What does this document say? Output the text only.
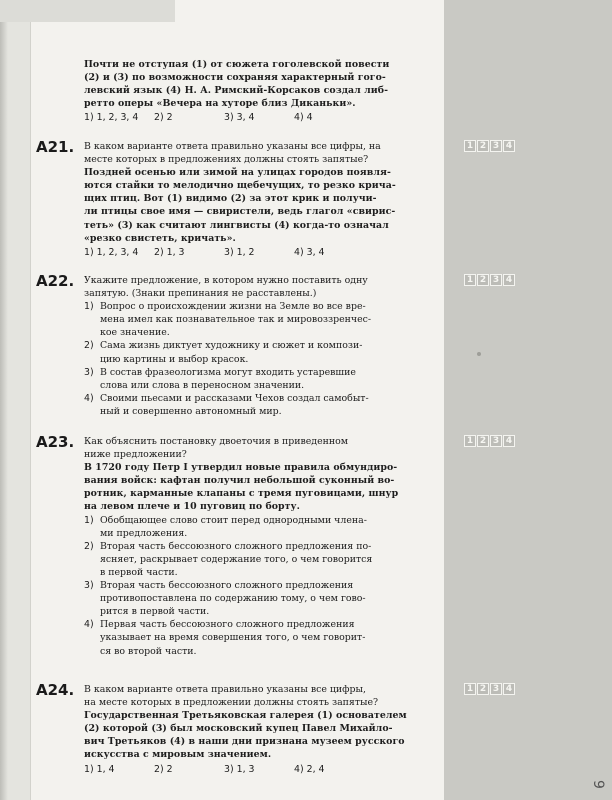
Почти не отступая (1) от сюжета гоголевской повести

(2) и (3) по возможности сохраняя характерный гого-

левский язык (4) Н. А. Римский-Корсаков создал либ-

ретто оперы «Вечера на хуторе близ Диканьки».

1) 1, 2, 3, 4	2) 2	3) 3, 4	4) 4
А21.	1 2 3 4

В каком варианте ответа правильно указаны все цифры, на

месте которых в предложениях должны стоять запятые?

Поздней осенью или зимой на улицах городов появля-

ются стайки то мелодично щебечущих, то резко крича-

щих птиц. Вот (1) видимо (2) за этот крик и получи-

ли птицы свое имя — свиристели, ведь глагол «свирис-

теть» (3) как считают лингвисты (4) когда-то означал

«резко свистеть, кричать».

1) 1, 2, 3, 4	2) 1, 3	3) 1, 2	4) 3, 4
А22.	1 2 3 4

Укажите предложение, в котором нужно поставить одну

запятую. (Знаки препинания не расставлены.)

1) Вопрос о происхождении жизни на Земле во все вре-

мена имел как познавательное так и мировоззренчес-

кое значение.

2) Сама жизнь диктует художнику и сюжет и компози-

цию картины и выбор красок.

3) В состав фразеологизма могут входить устаревшие

слова или слова в переносном значении.

4) Своими пьесами и рассказами Чехов создал самобыт-

ный и совершенно автономный мир.

А23.	1 2 3 4

Как объяснить постановку двоеточия в приведенном

ниже предложении?

В 1720 году Петр I утвердил новые правила обмундиро-

вания войск: кафтан получил небольшой суконный во-

ротник, карманные клапаны с тремя пуговицами, шнур

на левом плече и 10 пуговиц по борту.

1) Обобщающее слово стоит перед однородными члена-

ми предложения.

2) Вторая часть бессоюзного сложного предложения по-

ясняет, раскрывает содержание того, о чем говорится

в первой части.

3) Вторая часть бессоюзного сложного предложения

противопоставлена по содержанию тому, о чем гово-

рится в первой части.

4) Первая часть бессоюзного сложного предложения

указывает на время совершения того, о чем говорит-

ся во второй части.

А24.	1 2 3 4

В каком варианте ответа правильно указаны все цифры,

на месте которых в предложении должны стоять запятые?

Государственная Третьяковская галерея (1) основателем

(2) которой (3) был московский купец Павел Михайло-

вич Третьяков (4) в наши дни признана музеем русского

искусства с мировым значением.

1) 1, 4	2) 2	3) 1, 3	4) 2, 4
9
